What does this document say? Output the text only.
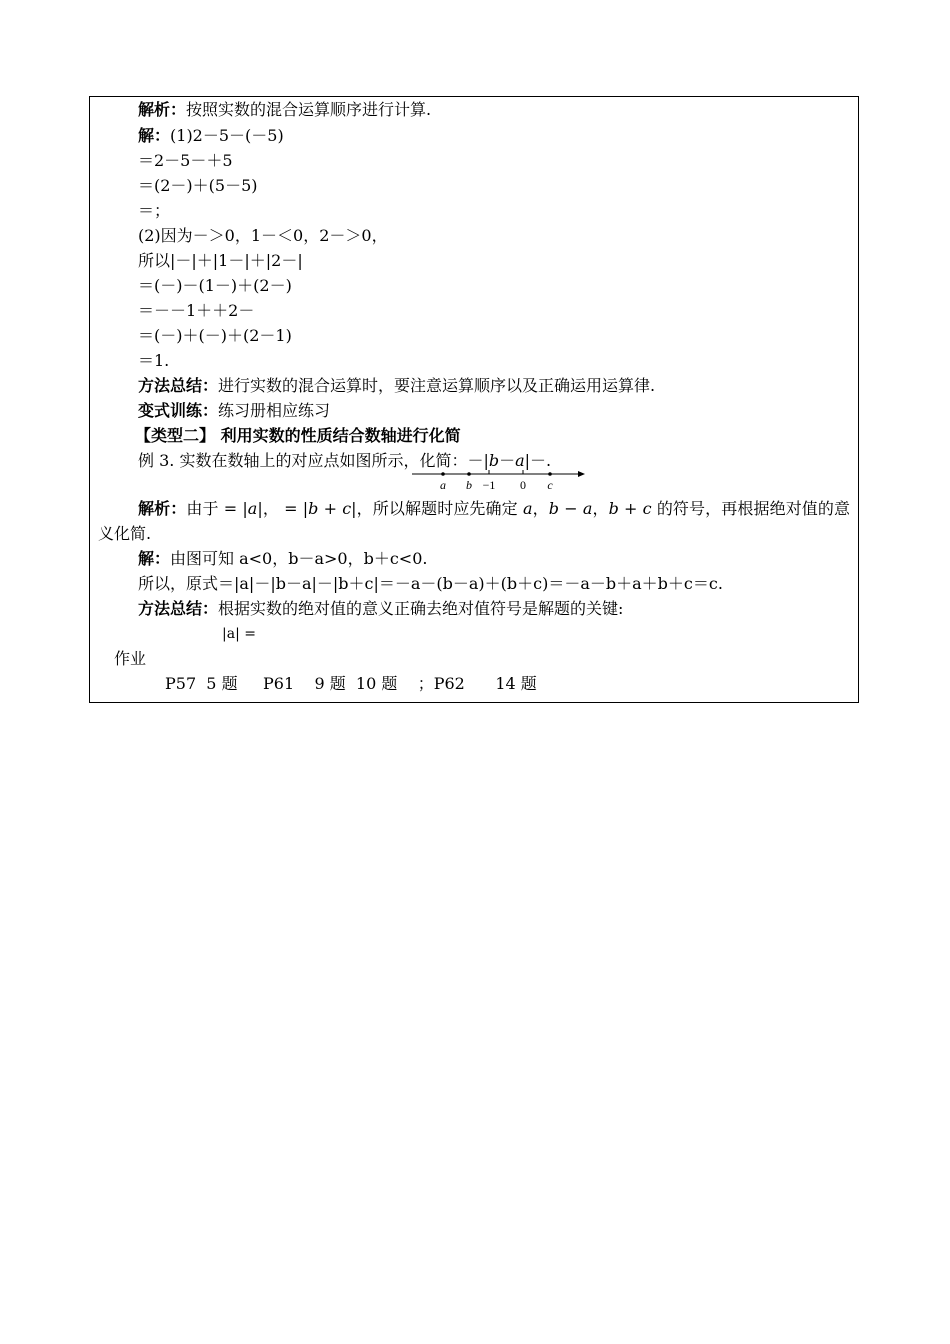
解析：按照实数的混合运算顺序进行计算.
解：(1)2－5－(－5)
＝2－5－＋5
＝(2－)＋(5－5)
＝；
(2)因为－＞0，1－＜0，2－＞0，
所以|－|＋|1－|＋|2－|
＝(－)－(1－)＋(2－)
＝－－1＋＋2－
＝(－)＋(－)＋(2－1)
＝1.
方法总结：进行实数的混合运算时，要注意运算顺序以及正确运用运算律.
变式训练：练习册相应练习
【类型二】 利用实数的性质结合数轴进行化简
例 3. 实数在数轴上的对应点如图所示，化简：－|b－a|－.
a b −1 0 c
解析：由于 = |a|， = |b + c|，所以解题时应先确定 a，b − a，b + c 的符号，再根据绝对值的意义化简.
解：由图可知 a<0，b－a>0，b＋c<0.
所以，原式＝|a|－|b－a|－|b＋c|＝－a－(b－a)＋(b＋c)＝－a－b＋a＋b＋c＝c.
方法总结：根据实数的绝对值的意义正确去绝对值符号是解题的关键:
|a| =
作业
P57  5 题     P61    9 题  10 题    ；P62      14 题
